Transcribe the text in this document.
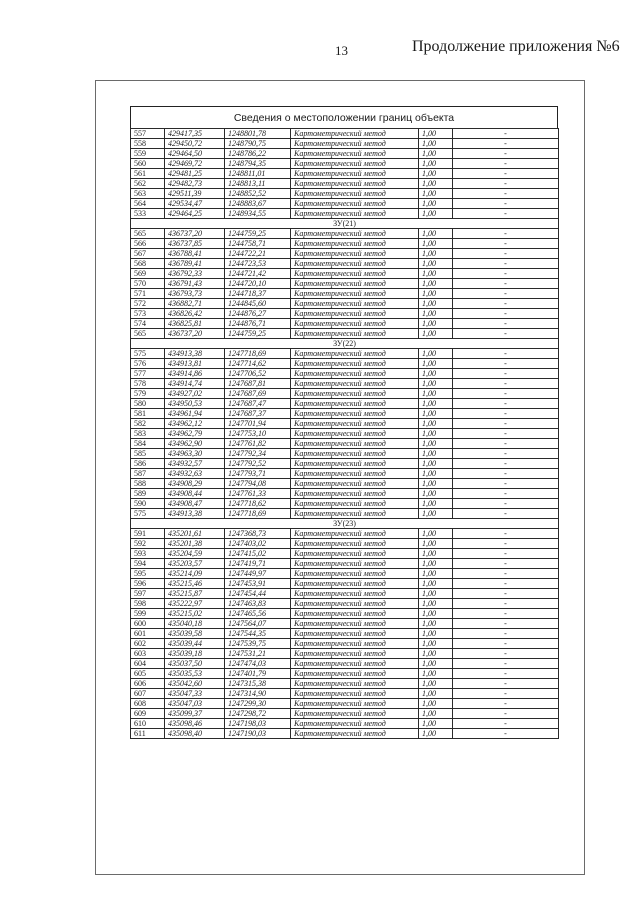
13	Продолжение приложения №6
Сведения о местоположении границ объекта
557	429417,35	1248801,78	Картометрический метод	1,00	-
558	429450,72	1248790,75	Картометрический метод	1,00	-
559	429464,50	1248786,22	Картометрический метод	1,00	-
560	429469,72	1248794,35	Картометрический метод	1,00	-
561	429481,25	1248811,01	Картометрический метод	1,00	-
562	429482,73	1248813,11	Картометрический метод	1,00	-
563	429511,39	1248852,52	Картометрический метод	1,00	-
564	429534,47	1248883,67	Картометрический метод	1,00	-
533	429464,25	1248934,55	Картометрический метод	1,00	-
ЗУ(21)					
565	436737,20	1244759,25	Картометрический метод	1,00	-
566	436737,85	1244758,71	Картометрический метод	1,00	-
567	436788,41	1244722,21	Картометрический метод	1,00	-
568	436789,41	1244723,53	Картометрический метод	1,00	-
569	436792,33	1244721,42	Картометрический метод	1,00	-
570	436791,43	1244720,10	Картометрический метод	1,00	-
571	436793,73	1244718,37	Картометрический метод	1,00	-
572	436882,71	1244845,60	Картометрический метод	1,00	-
573	436826,42	1244876,27	Картометрический метод	1,00	-
574	436825,81	1244876,71	Картометрический метод	1,00	-
565	436737,20	1244759,25	Картометрический метод	1,00	-
ЗУ(22)					
575	434913,38	1247718,69	Картометрический метод	1,00	-
576	434913,81	1247714,62	Картометрический метод	1,00	-
577	434914,86	1247706,52	Картометрический метод	1,00	-
578	434914,74	1247687,81	Картометрический метод	1,00	-
579	434927,02	1247687,69	Картометрический метод	1,00	-
580	434950,53	1247687,47	Картометрический метод	1,00	-
581	434961,94	1247687,37	Картометрический метод	1,00	-
582	434962,12	1247701,94	Картометрический метод	1,00	-
583	434962,79	1247753,10	Картометрический метод	1,00	-
584	434962,90	1247761,82	Картометрический метод	1,00	-
585	434963,30	1247792,34	Картометрический метод	1,00	-
586	434932,57	1247792,52	Картометрический метод	1,00	-
587	434932,63	1247793,71	Картометрический метод	1,00	-
588	434908,29	1247794,08	Картометрический метод	1,00	-
589	434908,44	1247761,33	Картометрический метод	1,00	-
590	434908,47	1247718,62	Картометрический метод	1,00	-
575	434913,38	1247718,69	Картометрический метод	1,00	-
ЗУ(23)					
591	435201,61	1247368,73	Картометрический метод	1,00	-
592	435201,38	1247403,02	Картометрический метод	1,00	-
593	435204,59	1247415,02	Картометрический метод	1,00	-
594	435203,57	1247419,71	Картометрический метод	1,00	-
595	435214,09	1247449,97	Картометрический метод	1,00	-
596	435215,46	1247453,91	Картометрический метод	1,00	-
597	435215,87	1247454,44	Картометрический метод	1,00	-
598	435222,97	1247463,83	Картометрический метод	1,00	-
599	435215,02	1247465,56	Картометрический метод	1,00	-
600	435040,18	1247564,07	Картометрический метод	1,00	-
601	435039,58	1247544,35	Картометрический метод	1,00	-
602	435039,44	1247539,75	Картометрический метод	1,00	-
603	435039,18	1247531,21	Картометрический метод	1,00	-
604	435037,50	1247474,03	Картометрический метод	1,00	-
605	435035,53	1247401,79	Картометрический метод	1,00	-
606	435042,60	1247315,38	Картометрический метод	1,00	-
607	435047,33	1247314,90	Картометрический метод	1,00	-
608	435047,03	1247299,30	Картометрический метод	1,00	-
609	435099,37	1247298,72	Картометрический метод	1,00	-
610	435098,46	1247198,03	Картометрический метод	1,00	-
611	435098,40	1247190,03	Картометрический метод	1,00	-
